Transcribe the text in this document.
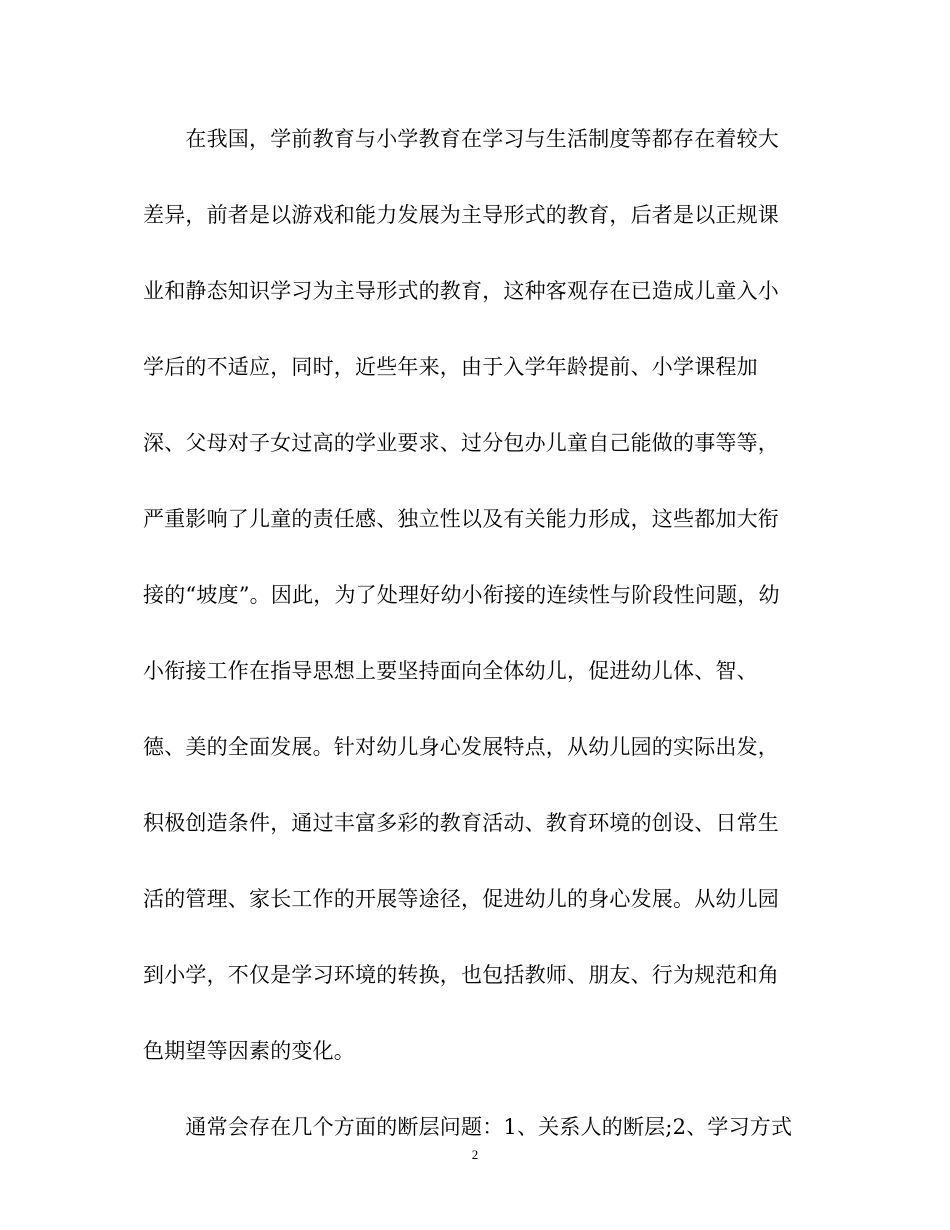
　　在我国，学前教育与小学教育在学习与生活制度等都存在着较大
差异，前者是以游戏和能力发展为主导形式的教育，后者是以正规课
业和静态知识学习为主导形式的教育，这种客观存在已造成儿童入小
学后的不适应，同时，近些年来，由于入学年龄提前、小学课程加
深、父母对子女过高的学业要求、过分包办儿童自己能做的事等等，
严重影响了儿童的责任感、独立性以及有关能力形成，这些都加大衔
接的“坡度”。因此，为了处理好幼小衔接的连续性与阶段性问题，幼
小衔接工作在指导思想上要坚持面向全体幼儿，促进幼儿体、智、
德、美的全面发展。针对幼儿身心发展特点，从幼儿园的实际出发，
积极创造条件，通过丰富多彩的教育活动、教育环境的创设、日常生
活的管理、家长工作的开展等途径，促进幼儿的身心发展。从幼儿园
到小学，不仅是学习环境的转换，也包括教师、朋友、行为规范和角
色期望等因素的变化。
　　通常会存在几个方面的断层问题：1、关系人的断层;2、学习方式
2
